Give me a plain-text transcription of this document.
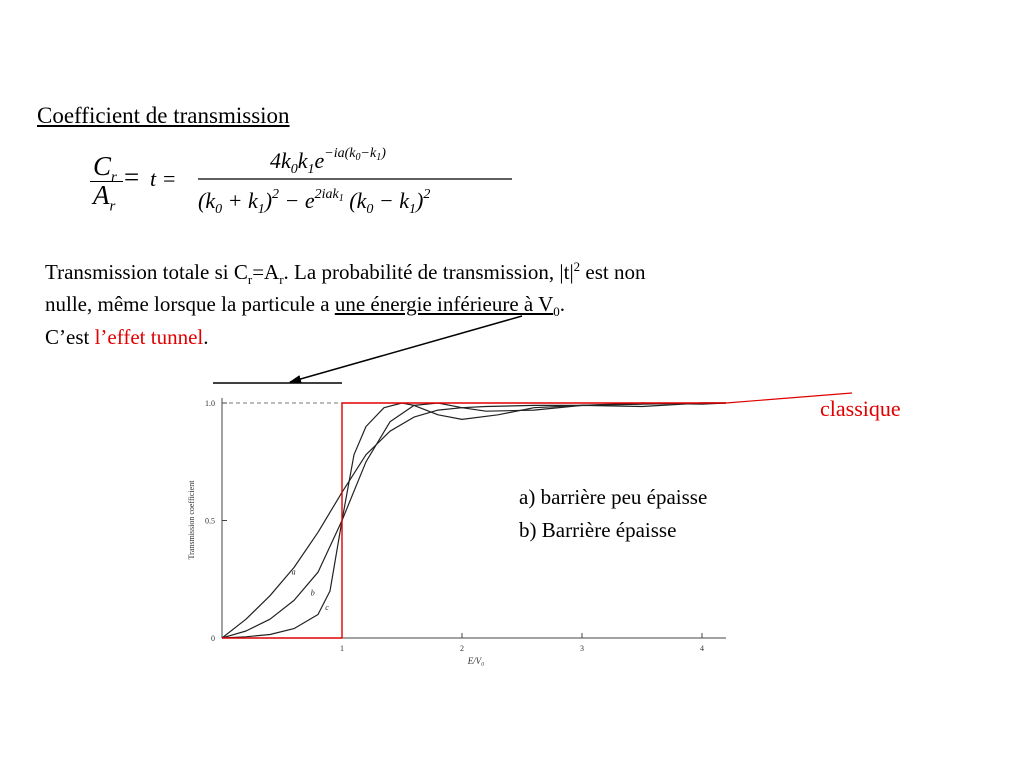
1	2	3	4
0
0.5
1.0
Transmission coefficient
E/V₀
a
b
c
Coefficient de transmission
$C_r$
$A_r$
= t =
$4k_0k_1e^{-ia(k}0-k1$)
$(k_0 + k_1)^2 - e^{2iak}1$ $(k_0 - k_1)^2$
Transmission totale si $C_r=A_r$. La probabilité de transmission, $|t|^2$ est non
nulle, même lorsque la particule a une énergie inférieure à $V_0$.
C’est l’effet tunnel.
classique
a) barrière peu épaisse
b) Barrière épaisse
